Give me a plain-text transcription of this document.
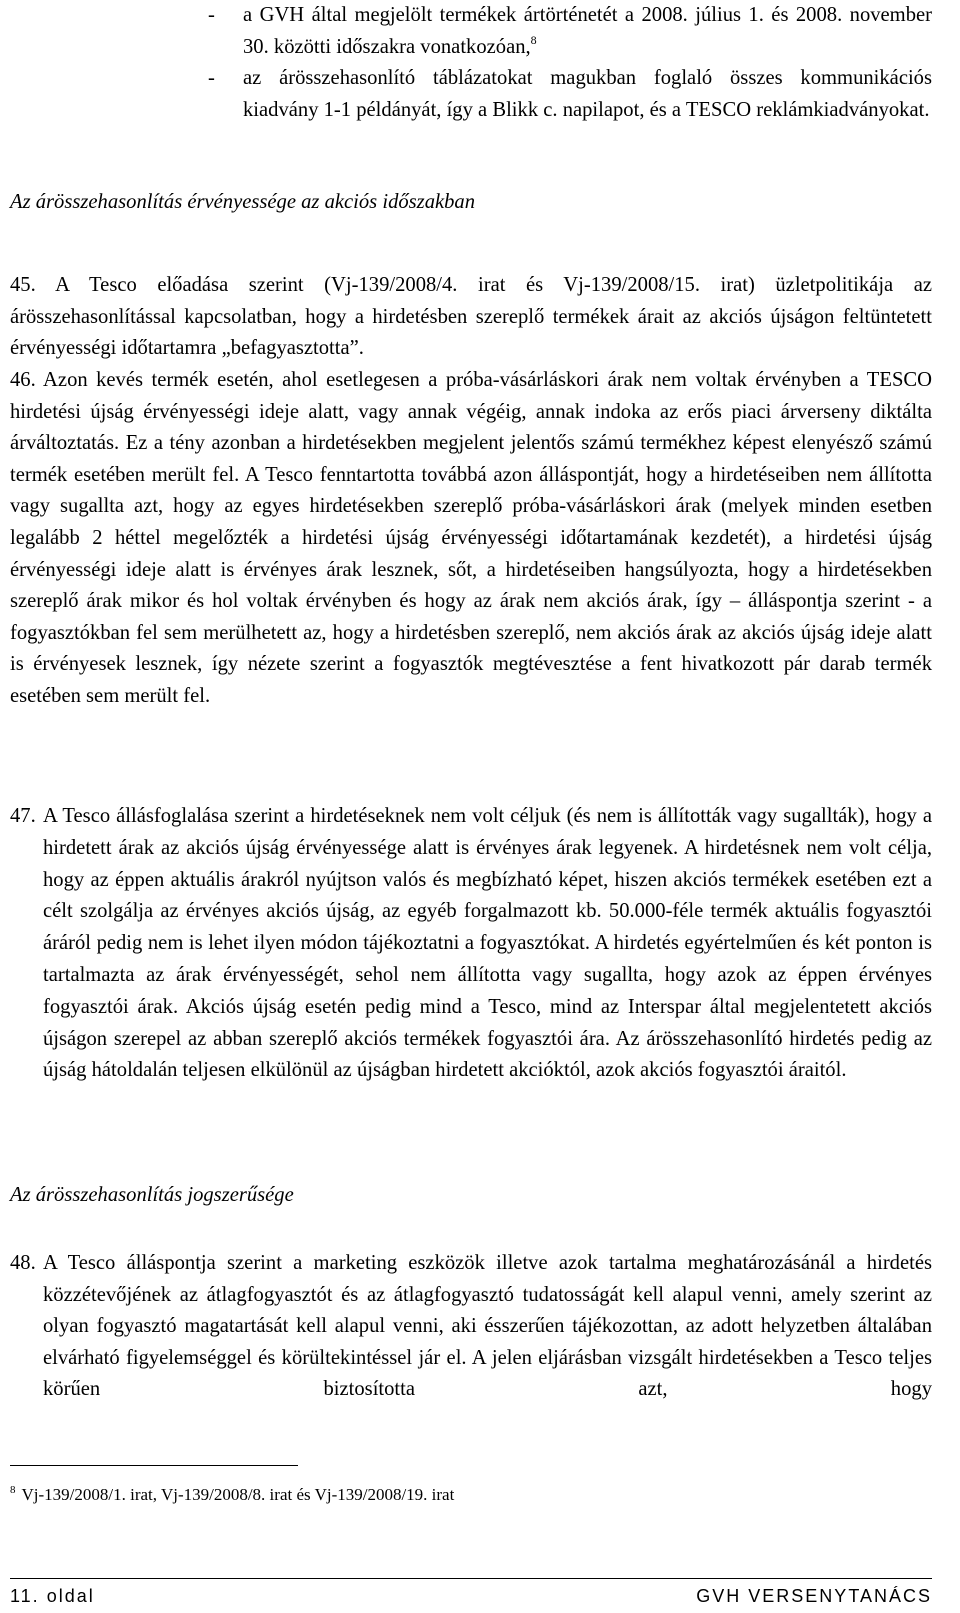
- a GVH által megjelölt termékek ártörténetét a 2008. július 1. és 2008. november 30. közötti időszakra vonatkozóan,$^8$
- az árösszehasonlító táblázatokat magukban foglaló összes kommunikációs kiadvány 1-1 példányát, így a Blikk c. napilapot, és a TESCO reklámkiadványokat.
Az árösszehasonlítás érvényessége az akciós időszakban
45. A Tesco előadása szerint (Vj-139/2008/4. irat és Vj-139/2008/15. irat) üzletpolitikája az árösszehasonlítással kapcsolatban, hogy a hirdetésben szereplő termékek árait az akciós újságon feltüntetett érvényességi időtartamra „befagyasztotta”.
46. Azon kevés termék esetén, ahol esetlegesen a próba-vásárláskori árak nem voltak érvényben a TESCO hirdetési újság érvényességi ideje alatt, vagy annak végéig, annak indoka az erős piaci árverseny diktálta árváltoztatás. Ez a tény azonban a hirdetésekben megjelent jelentős számú termékhez képest elenyésző számú termék esetében merült fel. A Tesco fenntartotta továbbá azon álláspontját, hogy a hirdetéseiben nem állította vagy sugallta azt, hogy az egyes hirdetésekben szereplő próba-vásárláskori árak (melyek minden esetben legalább 2 héttel megelőzték a hirdetési újság érvényességi időtartamának kezdetét), a hirdetési újság érvényességi ideje alatt is érvényes árak lesznek, sőt, a hirdetéseiben hangsúlyozta, hogy a hirdetésekben szereplő árak mikor és hol voltak érvényben és hogy az árak nem akciós árak, így – álláspontja szerint - a fogyasztókban fel sem merülhetett az, hogy a hirdetésben szereplő, nem akciós árak az akciós újság ideje alatt is érvényesek lesznek, így nézete szerint a fogyasztók megtévesztése a fent hivatkozott pár darab termék esetében sem merült fel.
47. A Tesco állásfoglalása szerint a hirdetéseknek nem volt céljuk (és nem is állították vagy sugallták), hogy a hirdetett árak az akciós újság érvényessége alatt is érvényes árak legyenek. A hirdetésnek nem volt célja, hogy az éppen aktuális árakról nyújtson valós és megbízható képet, hiszen akciós termékek esetében ezt a célt szolgálja az érvényes akciós újság, az egyéb forgalmazott kb. 50.000-féle termék aktuális fogyasztói áráról pedig nem is lehet ilyen módon tájékoztatni a fogyasztókat. A hirdetés egyértelműen és két ponton is tartalmazta az árak érvényességét, sehol nem állította vagy sugallta, hogy azok az éppen érvényes fogyasztói árak. Akciós újság esetén pedig mind a Tesco, mind az Interspar által megjelentetett akciós újságon szerepel az abban szereplő akciós termékek fogyasztói ára. Az árösszehasonlító hirdetés pedig az újság hátoldalán teljesen elkülönül az újságban hirdetett akcióktól, azok akciós fogyasztói áraitól.
Az árösszehasonlítás jogszerűsége
48. A Tesco álláspontja szerint a marketing eszközök illetve azok tartalma meghatározásánál a hirdetés közzétevőjének az átlagfogyasztót és az átlagfogyasztó tudatosságát kell alapul venni, amely szerint az olyan fogyasztó magatartását kell alapul venni, aki ésszerűen tájékozottan, az adott helyzetben általában elvárható figyelemséggel és körültekintéssel jár el. A jelen eljárásban vizsgált hirdetésekben a Tesco teljes körűen biztosította azt, hogy
$^8$ Vj-139/2008/1. irat, Vj-139/2008/8. irat és Vj-139/2008/19. irat
11. oldal	GVH VERSENYTANÁCS
